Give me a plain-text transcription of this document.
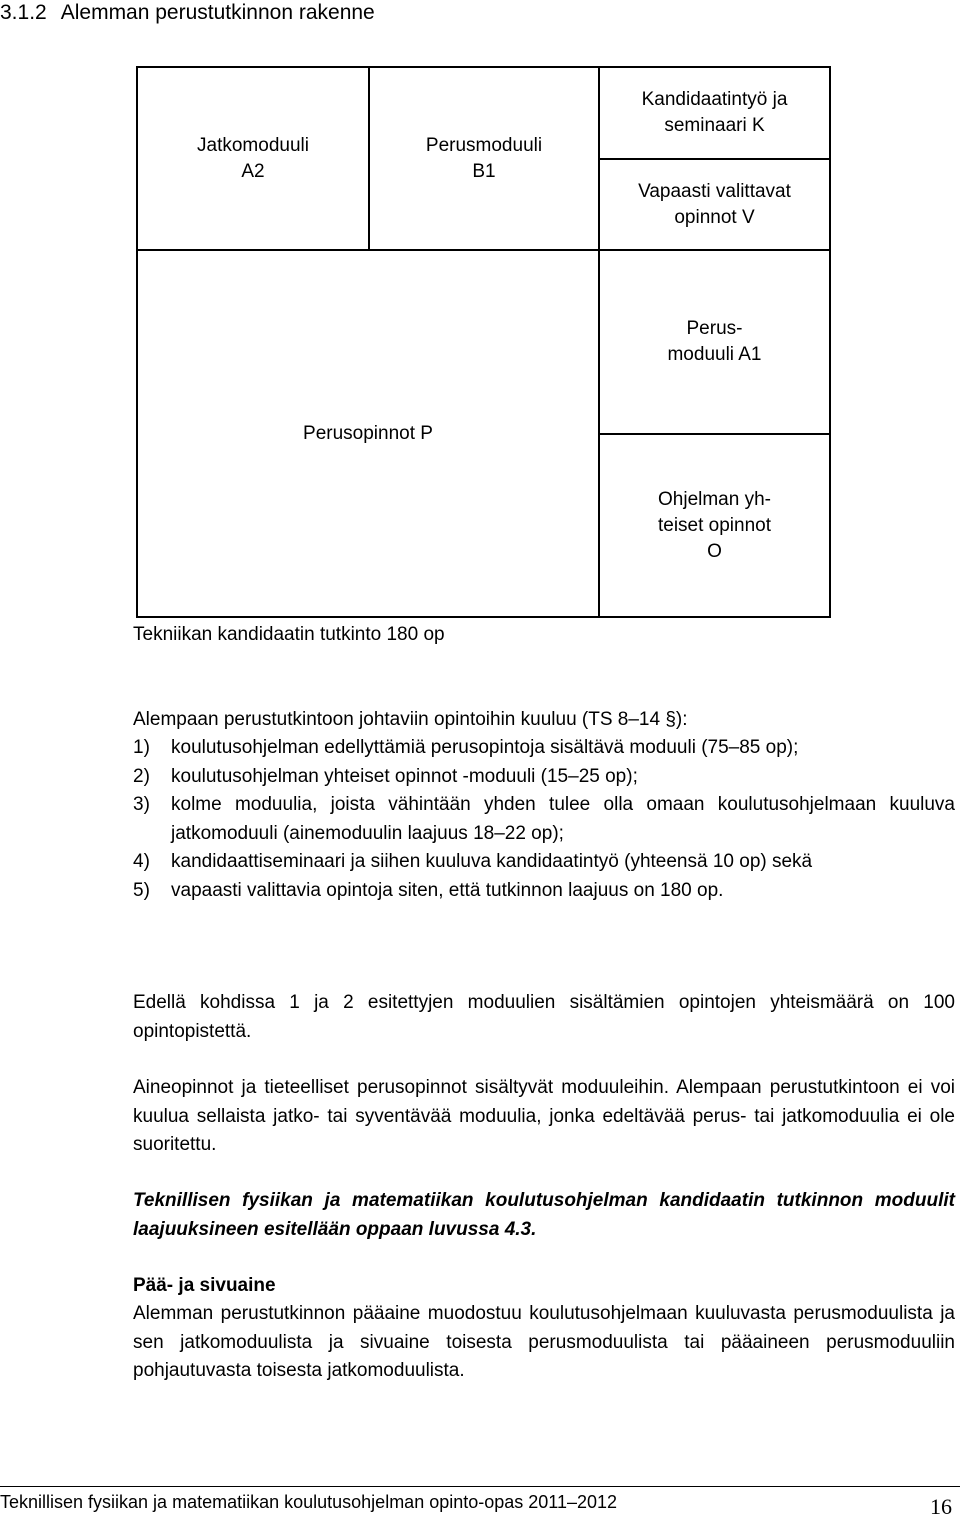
3.1.2 Alemman perustutkinnon rakenne
Jatkomoduuli
A2
Perusmoduuli
B1
Kandidaatintyö ja
seminaari K
Vapaasti valittavat
opinnot V
Perusopinnot P
Perus-
moduuli A1
Ohjelman yh-
teiset opinnot
O
Tekniikan kandidaatin tutkinto 180 op
Alempaan perustutkintoon johtaviin opintoihin kuuluu (TS 8–14 §):
1) koulutusohjelman edellyttämiä perusopintoja sisältävä moduuli (75–85 op);
2) koulutusohjelman yhteiset opinnot -moduuli (15–25 op);
3) kolme moduulia, joista vähintään yhden tulee olla omaan koulutusohjelmaan kuuluva jatkomoduuli (ainemoduulin laajuus 18–22 op);
4) kandidaattiseminaari ja siihen kuuluva kandidaatintyö (yhteensä 10 op) sekä
5) vapaasti valittavia opintoja siten, että tutkinnon laajuus on 180 op.
Edellä kohdissa 1 ja 2 esitettyjen moduulien sisältämien opintojen yhteismäärä on 100 opintopistettä.
Aineopinnot ja tieteelliset perusopinnot sisältyvät moduuleihin. Alempaan perustutkintoon ei voi kuulua sellaista jatko- tai syventävää moduulia, jonka edeltävää perus- tai jatkomoduulia ei ole suoritettu.
Teknillisen fysiikan ja matematiikan koulutusohjelman kandidaatin tutkinnon moduulit laajuuksineen esitellään oppaan luvussa 4.3.
Pää- ja sivuaine
Alemman perustutkinnon pääaine muodostuu koulutusohjelmaan kuuluvasta perusmoduulista ja sen jatkomoduulista ja sivuaine toisesta perusmoduulista tai pääaineen perusmoduuliin pohjautuvasta toisesta jatkomoduulista.
Teknillisen fysiikan ja matematiikan koulutusohjelman opinto-opas 2011–2012	16
